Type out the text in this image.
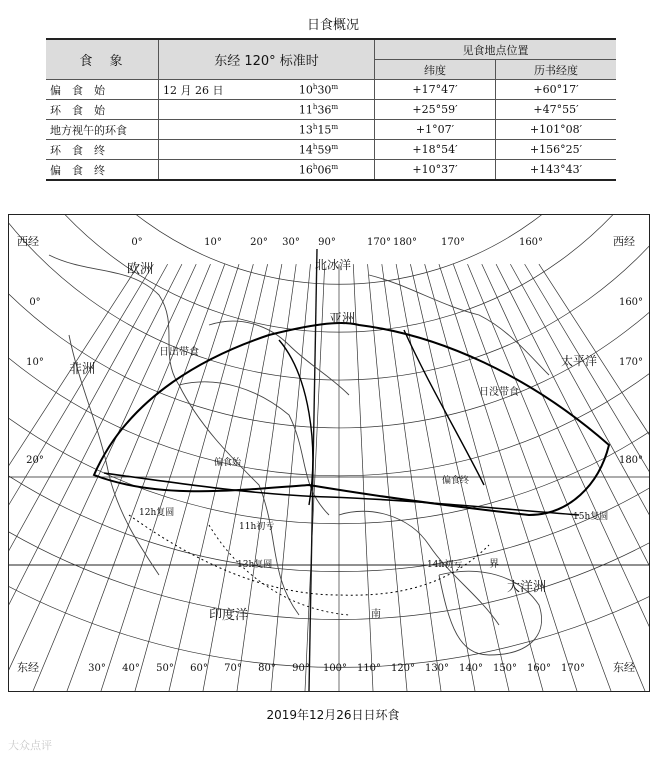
日食概况
食　象	东经 120° 标准时		见食地点位置	
			纬度	历书经度
偏　食　始	12 月 26 日	$10^h30^m$	+17°47′	+60°17′
环　食　始		$11^h36^m$	+25°59′	+47°55′
地方视午的环食		$13^h15^m$	+1°07′	+101°08′
环　食　终		$14^h59^m$	+18°54′	+156°25′
偏　食　终		$16^h06^m$	+10°37′	+143°43′
西经	西经
东经	东经
0°	10°	20° 30° 90°	170° 180° 170°	160°
30° 40° 50° 60° 70° 80° 90° 100° 110° 120° 130° 140° 150° 160° 170°
0°
10°
20°
160°
170°
180°
欧洲
非洲
亚洲
北冰洋
太平洋
印度洋
大洋洲
偏食始
偏食终
11h初亏
12h复圆
13h复圆	14h初亏
15h复圆
日出带食
日没带食
界
南
2019年12月26日日环食
大众点评
